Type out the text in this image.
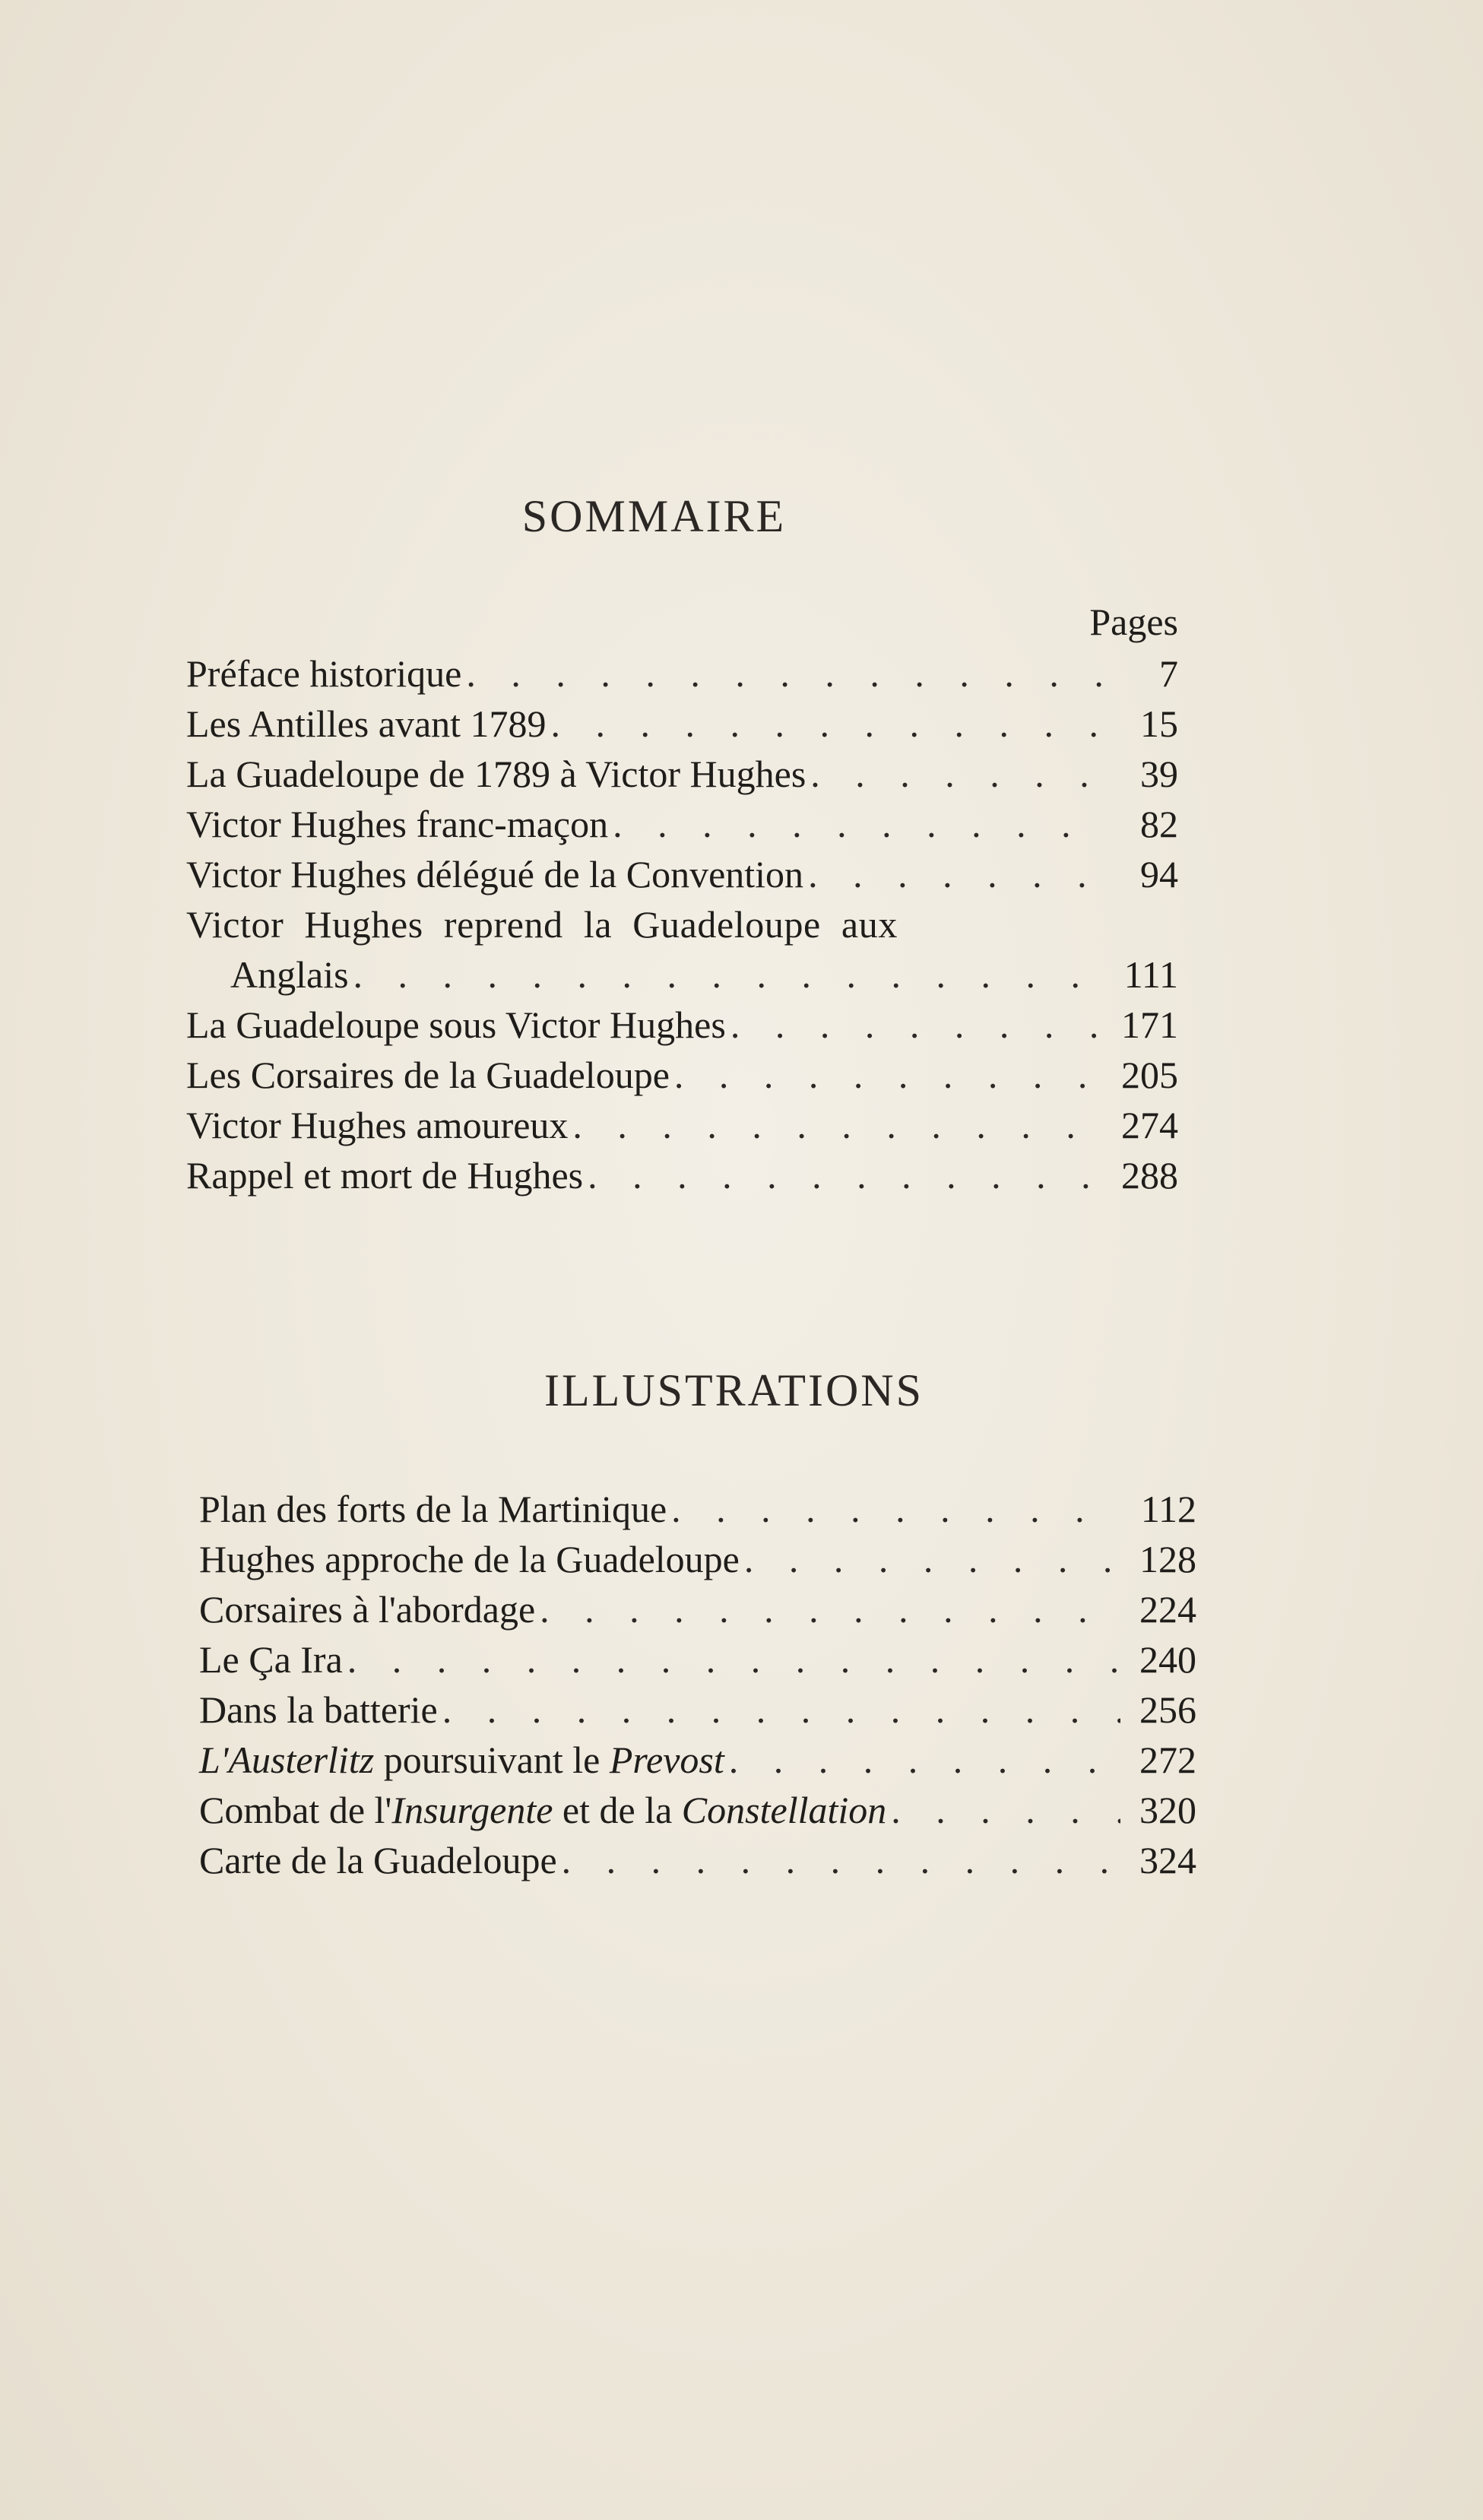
SOMMAIRE
Pages
Préface historique . . .	7
Les Antilles avant 1789 . . .	15
La Guadeloupe de 1789 à Victor Hughes . . .	39
Victor Hughes franc-maçon . . .	82
Victor Hughes délégué de la Convention . . .	94
Victor Hughes reprend la Guadeloupe aux
Anglais . . .	111
La Guadeloupe sous Victor Hughes . . .	171
Les Corsaires de la Guadeloupe . . .	205
Victor Hughes amoureux . . .	274
Rappel et mort de Hughes . . .	288
ILLUSTRATIONS
Plan des forts de la Martinique . . .	112
Hughes approche de la Guadeloupe . . .	128
Corsaires à l'abordage . . .	224
Le Ça Ira . . .	240
Dans la batterie . . .	256
L'Austerlitz poursuivant le Prevost . . .	272
Combat de l'Insurgente et de la Constellation . . .	320
Carte de la Guadeloupe . . .	324
